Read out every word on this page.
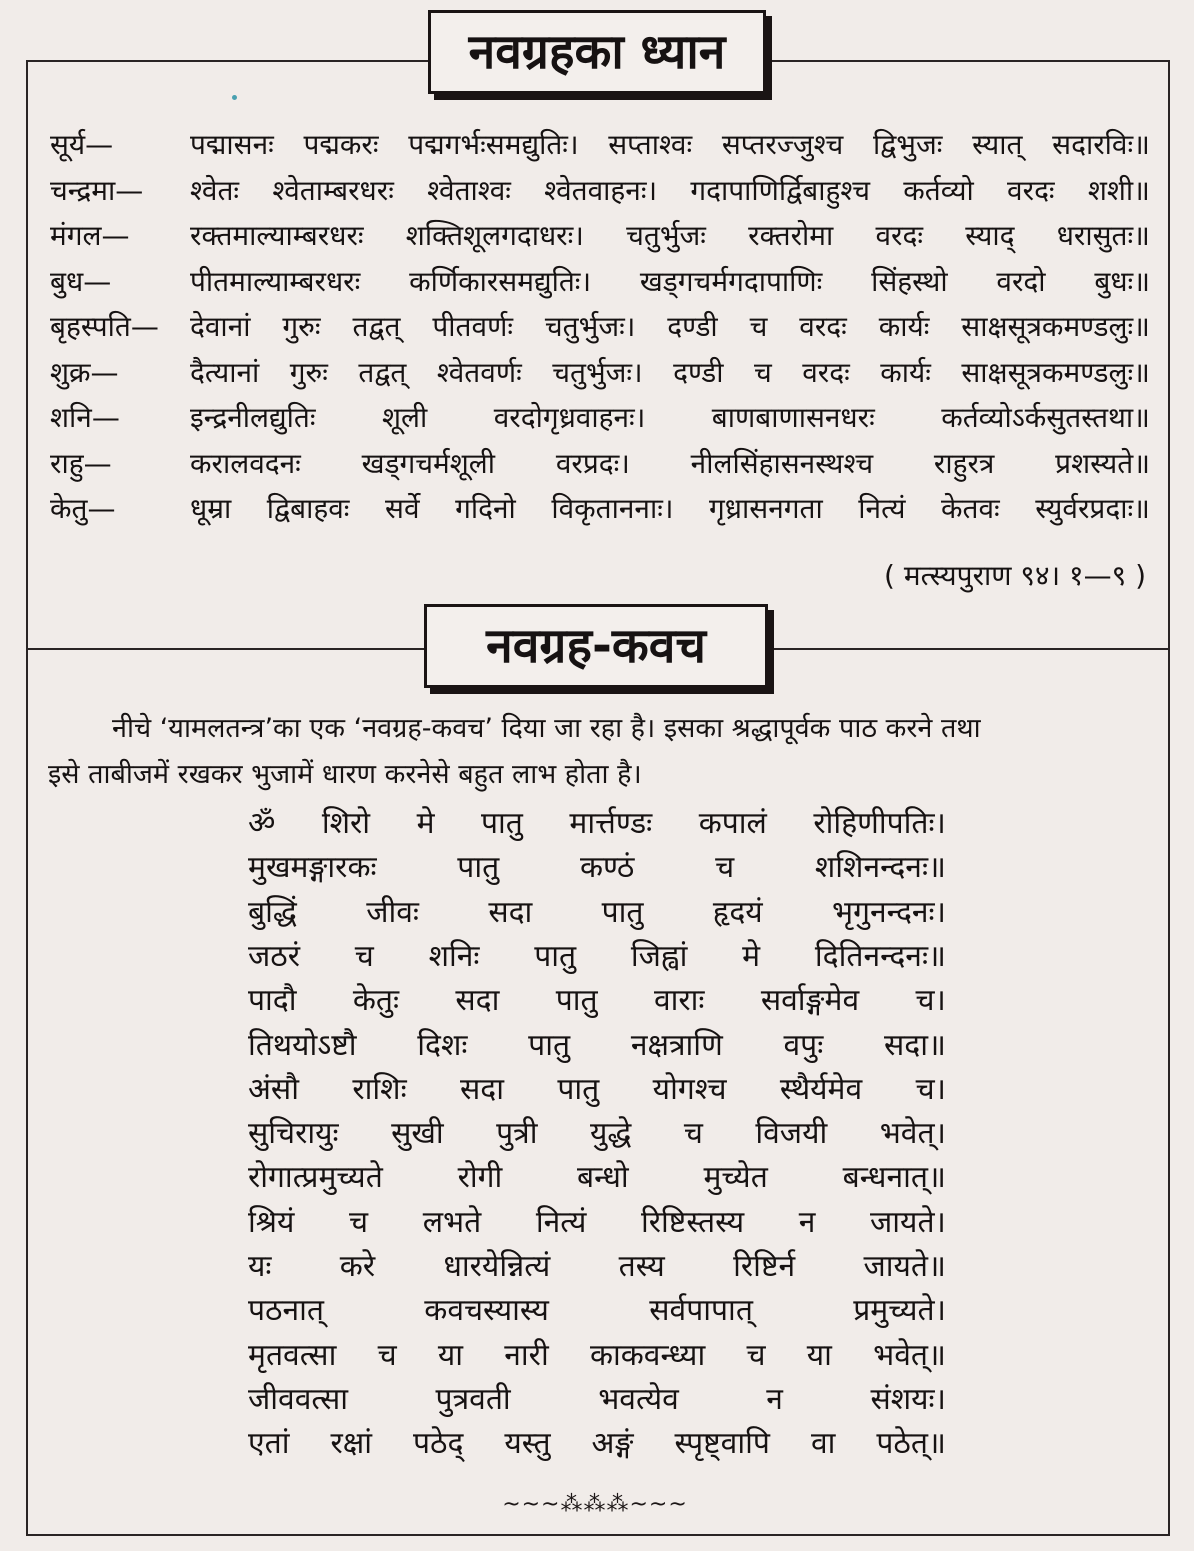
नवग्रहका ध्यान
सूर्य—	पद्मासनः पद्मकरः पद्मगर्भःसमद्युतिः। सप्ताश्वः सप्तरज्जुश्च द्विभुजः स्यात् सदारविः॥
चन्द्रमा—	श्वेतः श्वेताम्बरधरः श्वेताश्वः श्वेतवाहनः। गदापाणिर्द्विबाहुश्च कर्तव्यो वरदः शशी॥
मंगल—	रक्तमाल्याम्बरधरः शक्तिशूलगदाधरः। चतुर्भुजः रक्तरोमा वरदः स्याद् धरासुतः॥
बुध—	पीतमाल्याम्बरधरः कर्णिकारसमद्युतिः। खड्गचर्मगदापाणिः सिंहस्थो वरदो बुधः॥
बृहस्पति—	देवानां गुरुः तद्वत् पीतवर्णः चतुर्भुजः। दण्डी च वरदः कार्यः साक्षसूत्रकमण्डलुः॥
शुक्र—	दैत्यानां गुरुः तद्वत् श्वेतवर्णः चतुर्भुजः। दण्डी च वरदः कार्यः साक्षसूत्रकमण्डलुः॥
शनि—	इन्द्रनीलद्युतिः शूली वरदोगृध्रवाहनः। बाणबाणासनधरः कर्तव्योऽर्कसुतस्तथा॥
राहु—	करालवदनः खड्गचर्मशूली वरप्रदः। नीलसिंहासनस्थश्च राहुरत्र प्रशस्यते॥
केतु—	धूम्रा द्विबाहवः सर्वे गदिनो विकृताननाः। गृध्रासनगता नित्यं केतवः स्युर्वरप्रदाः॥
( मत्स्यपुराण ९४। १—९ )
नवग्रह-कवच

नीचे ‘यामलतन्त्र’का एक ‘नवग्रह-कवच’ दिया जा रहा है। इसका श्रद्धापूर्वक पाठ करने तथा

इसे ताबीजमें रखकर भुजामें धारण करनेसे बहुत लाभ होता है।

ॐ शिरो मे पातु मार्त्तण्डः कपालं रोहिणीपतिः।
मुखमङ्गारकः	पातु	कण्ठं	च	शशिनन्दनः॥
बुद्धिं जीवः सदा पातु हृदयं भृगुनन्दनः।
जठरं च शनिः पातु जिह्वां मे दितिनन्दनः॥
पादौ केतुः सदा पातु वाराः सर्वाङ्गमेव च।
तिथयोऽष्टौ दिशः पातु नक्षत्राणि वपुः सदा॥
अंसौ राशिः सदा पातु योगश्च स्थैर्यमेव च।
सुचिरायुः सुखी पुत्री युद्धे च विजयी भवेत्।
रोगात्प्रमुच्यते रोगी बन्धो मुच्येत बन्धनात्॥
श्रियं च लभते नित्यं रिष्टिस्तस्य न जायते।
यः करे धारयेन्नित्यं तस्य रिष्टिर्न जायते॥
पठनात्	कवचस्यास्य	सर्वपापात्	प्रमुच्यते।
मृतवत्सा च या नारी काकवन्ध्या च या भवेत्॥
जीववत्सा	पुत्रवती	भवत्येव	न	संशयः।
एतां रक्षां पठेद् यस्तु अङ्गं स्पृष्ट्वापि वा पठेत्॥
~~~⁂⁂⁂~~~
